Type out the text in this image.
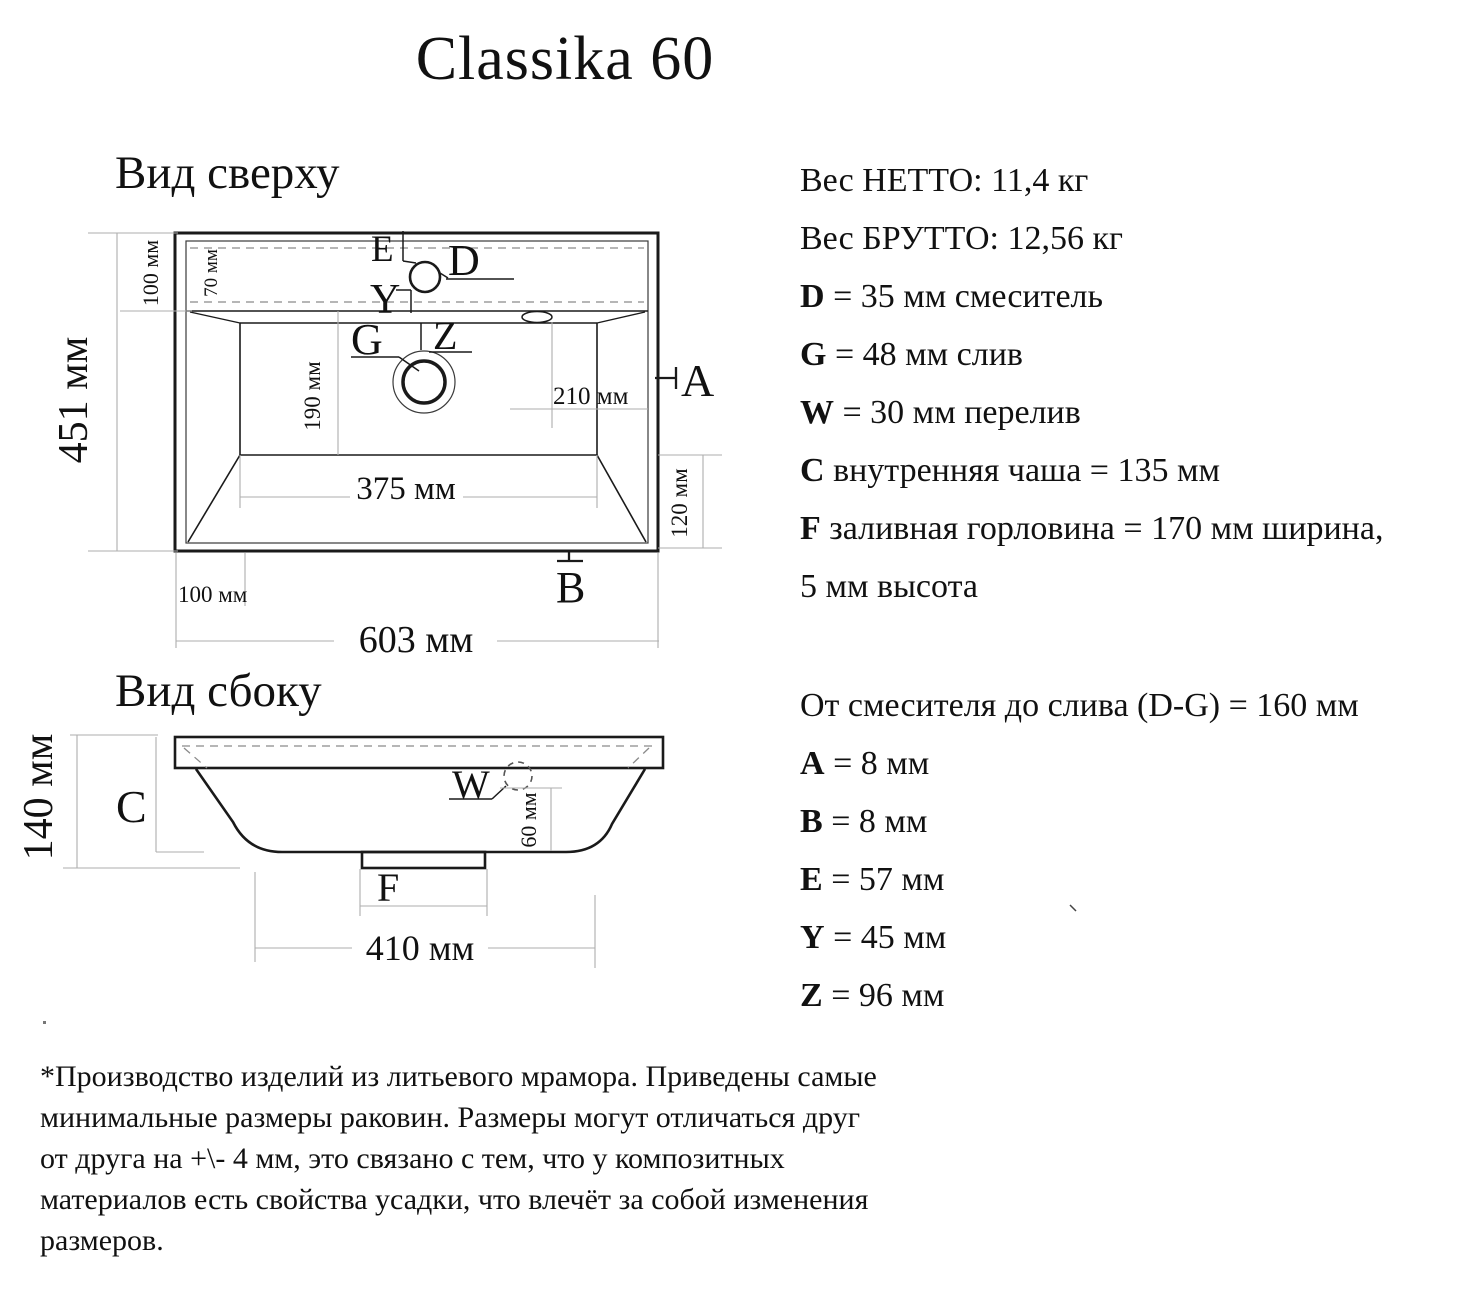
Classika 60
Вид сверху
Вид сбоку
E D
Y
G Z
A
B
451 мм
100 мм 70 мм
190 мм	210 мм
375 мм	120 мм
100 мм
603 мм
C	W
F
140 мм	60 мм
410 мм
Вес НЕТТО: 11,4 кг
Вес БРУТТО: 12,56 кг
D = 35 мм смеситель
G = 48 мм слив
W = 30 мм перелив
C внутренняя чаша = 135 мм
F заливная горловина = 170 мм ширина,
5 мм высота
От смесителя до слива (D-G) = 160 мм
A = 8 мм
B = 8 мм
E = 57 мм
Y = 45 мм
Z = 96 мм
*Производство изделий из литьевого мрамора. Приведены самые
минимальные размеры раковин. Размеры могут отличаться друг
от друга на +\- 4 мм, это связано с тем, что у композитных
материалов есть свойства усадки, что влечёт за собой изменения
размеров.
